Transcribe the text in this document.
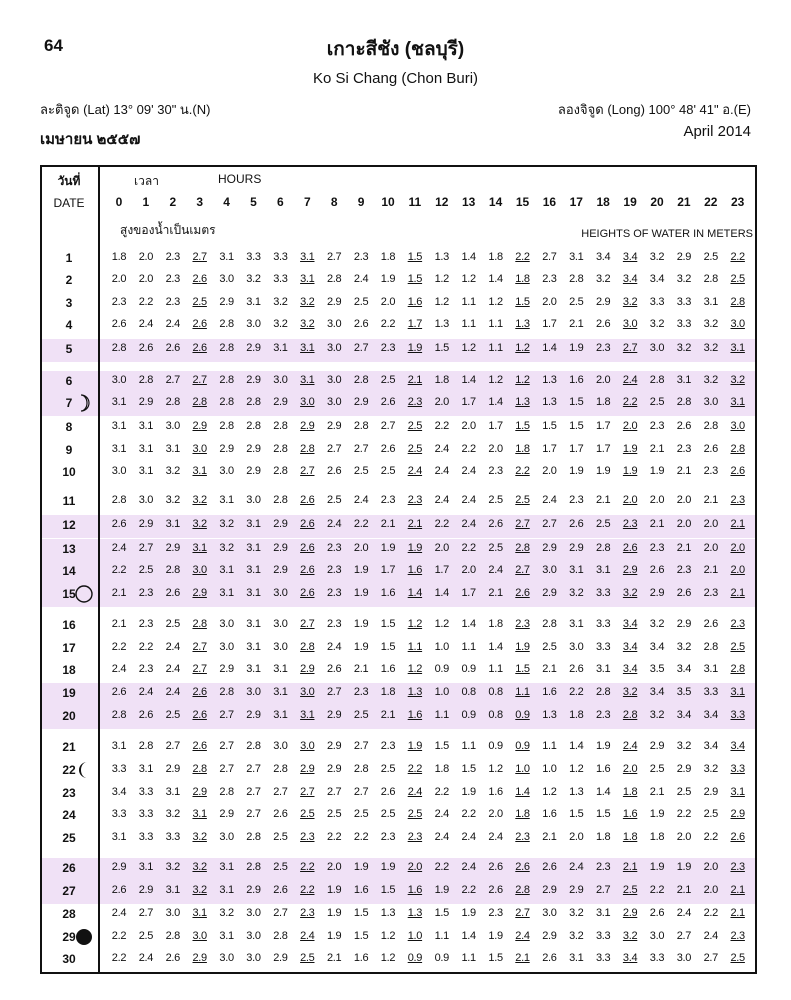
64	เกาะสีชัง (ชลบุรี)
Ko Si Chang (Chon Buri)
ละติจูด (Lat) 13° 09' 30" น.(N)	ลองจิจูด (Long) 100° 48' 41" อ.(E)
เมษายน ๒๕๕๗	April 2014
วันที่
DATE
เวลา	HOURS
สูงของน้ำเป็นเมตร	HEIGHTS OF WATER IN METERS
0	1	2	3	4	5	6	7	8	9	10	11	12	13	14	15	16	17	18	19	20	21	22	23
1	1.8	2.0	2.3	2.7	3.1	3.3	3.3	3.1	2.7	2.3	1.8	1.5	1.3	1.4	1.8	2.2	2.7	3.1	3.4	3.4	3.2	2.9	2.5	2.2
2	2.0	2.0	2.3	2.6	3.0	3.2	3.3	3.1	2.8	2.4	1.9	1.5	1.2	1.2	1.4	1.8	2.3	2.8	3.2	3.4	3.4	3.2	2.8	2.5
3	2.3	2.2	2.3	2.5	2.9	3.1	3.2	3.2	2.9	2.5	2.0	1.6	1.2	1.1	1.2	1.5	2.0	2.5	2.9	3.2	3.3	3.3	3.1	2.8
4	2.6	2.4	2.4	2.6	2.8	3.0	3.2	3.2	3.0	2.6	2.2	1.7	1.3	1.1	1.1	1.3	1.7	2.1	2.6	3.0	3.2	3.3	3.2	3.0
5	2.8	2.6	2.6	2.6	2.8	2.9	3.1	3.1	3.0	2.7	2.3	1.9	1.5	1.2	1.1	1.2	1.4	1.9	2.3	2.7	3.0	3.2	3.2	3.1
6	3.0	2.8	2.7	2.7	2.8	2.9	3.0	3.1	3.0	2.8	2.5	2.1	1.8	1.4	1.2	1.2	1.3	1.6	2.0	2.4	2.8	3.1	3.2	3.2
7	3.1	2.9	2.8	2.8	2.8	2.8	2.9	3.0	3.0	2.9	2.6	2.3	2.0	1.7	1.4	1.3	1.3	1.5	1.8	2.2	2.5	2.8	3.0	3.1
8	3.1	3.1	3.0	2.9	2.8	2.8	2.8	2.9	2.9	2.8	2.7	2.5	2.2	2.0	1.7	1.5	1.5	1.5	1.7	2.0	2.3	2.6	2.8	3.0
9	3.1	3.1	3.1	3.0	2.9	2.9	2.8	2.8	2.7	2.7	2.6	2.5	2.4	2.2	2.0	1.8	1.7	1.7	1.7	1.9	2.1	2.3	2.6	2.8
10	3.0	3.1	3.2	3.1	3.0	2.9	2.8	2.7	2.6	2.5	2.5	2.4	2.4	2.4	2.3	2.2	2.0	1.9	1.9	1.9	1.9	2.1	2.3	2.6
11	2.8	3.0	3.2	3.2	3.1	3.0	2.8	2.6	2.5	2.4	2.3	2.3	2.4	2.4	2.5	2.5	2.4	2.3	2.1	2.0	2.0	2.0	2.1	2.3
12	2.6	2.9	3.1	3.2	3.2	3.1	2.9	2.6	2.4	2.2	2.1	2.1	2.2	2.4	2.6	2.7	2.7	2.6	2.5	2.3	2.1	2.0	2.0	2.1
13	2.4	2.7	2.9	3.1	3.2	3.1	2.9	2.6	2.3	2.0	1.9	1.9	2.0	2.2	2.5	2.8	2.9	2.9	2.8	2.6	2.3	2.1	2.0	2.0
14	2.2	2.5	2.8	3.0	3.1	3.1	2.9	2.6	2.3	1.9	1.7	1.6	1.7	2.0	2.4	2.7	3.0	3.1	3.1	2.9	2.6	2.3	2.1	2.0
15	2.1	2.3	2.6	2.9	3.1	3.1	3.0	2.6	2.3	1.9	1.6	1.4	1.4	1.7	2.1	2.6	2.9	3.2	3.3	3.2	2.9	2.6	2.3	2.1
16	2.1	2.3	2.5	2.8	3.0	3.1	3.0	2.7	2.3	1.9	1.5	1.2	1.2	1.4	1.8	2.3	2.8	3.1	3.3	3.4	3.2	2.9	2.6	2.3
17	2.2	2.2	2.4	2.7	3.0	3.1	3.0	2.8	2.4	1.9	1.5	1.1	1.0	1.1	1.4	1.9	2.5	3.0	3.3	3.4	3.4	3.2	2.8	2.5
18	2.4	2.3	2.4	2.7	2.9	3.1	3.1	2.9	2.6	2.1	1.6	1.2	0.9	0.9	1.1	1.5	2.1	2.6	3.1	3.4	3.5	3.4	3.1	2.8
19	2.6	2.4	2.4	2.6	2.8	3.0	3.1	3.0	2.7	2.3	1.8	1.3	1.0	0.8	0.8	1.1	1.6	2.2	2.8	3.2	3.4	3.5	3.3	3.1
20	2.8	2.6	2.5	2.6	2.7	2.9	3.1	3.1	2.9	2.5	2.1	1.6	1.1	0.9	0.8	0.9	1.3	1.8	2.3	2.8	3.2	3.4	3.4	3.3
21	3.1	2.8	2.7	2.6	2.7	2.8	3.0	3.0	2.9	2.7	2.3	1.9	1.5	1.1	0.9	0.9	1.1	1.4	1.9	2.4	2.9	3.2	3.4	3.4
22	3.3	3.1	2.9	2.8	2.7	2.7	2.8	2.9	2.9	2.8	2.5	2.2	1.8	1.5	1.2	1.0	1.0	1.2	1.6	2.0	2.5	2.9	3.2	3.3
23	3.4	3.3	3.1	2.9	2.8	2.7	2.7	2.7	2.7	2.7	2.6	2.4	2.2	1.9	1.6	1.4	1.2	1.3	1.4	1.8	2.1	2.5	2.9	3.1
24	3.3	3.3	3.2	3.1	2.9	2.7	2.6	2.5	2.5	2.5	2.5	2.5	2.4	2.2	2.0	1.8	1.6	1.5	1.5	1.6	1.9	2.2	2.5	2.9
25	3.1	3.3	3.3	3.2	3.0	2.8	2.5	2.3	2.2	2.2	2.3	2.3	2.4	2.4	2.4	2.3	2.1	2.0	1.8	1.8	1.8	2.0	2.2	2.6
26	2.9	3.1	3.2	3.2	3.1	2.8	2.5	2.2	2.0	1.9	1.9	2.0	2.2	2.4	2.6	2.6	2.6	2.4	2.3	2.1	1.9	1.9	2.0	2.3
27	2.6	2.9	3.1	3.2	3.1	2.9	2.6	2.2	1.9	1.6	1.5	1.6	1.9	2.2	2.6	2.8	2.9	2.9	2.7	2.5	2.2	2.1	2.0	2.1
28	2.4	2.7	3.0	3.1	3.2	3.0	2.7	2.3	1.9	1.5	1.3	1.3	1.5	1.9	2.3	2.7	3.0	3.2	3.1	2.9	2.6	2.4	2.2	2.1
29	2.2	2.5	2.8	3.0	3.1	3.0	2.8	2.4	1.9	1.5	1.2	1.0	1.1	1.4	1.9	2.4	2.9	3.2	3.3	3.2	3.0	2.7	2.4	2.3
30	2.2	2.4	2.6	2.9	3.0	3.0	2.9	2.5	2.1	1.6	1.2	0.9	0.9	1.1	1.5	2.1	2.6	3.1	3.3	3.4	3.3	3.0	2.7	2.5
